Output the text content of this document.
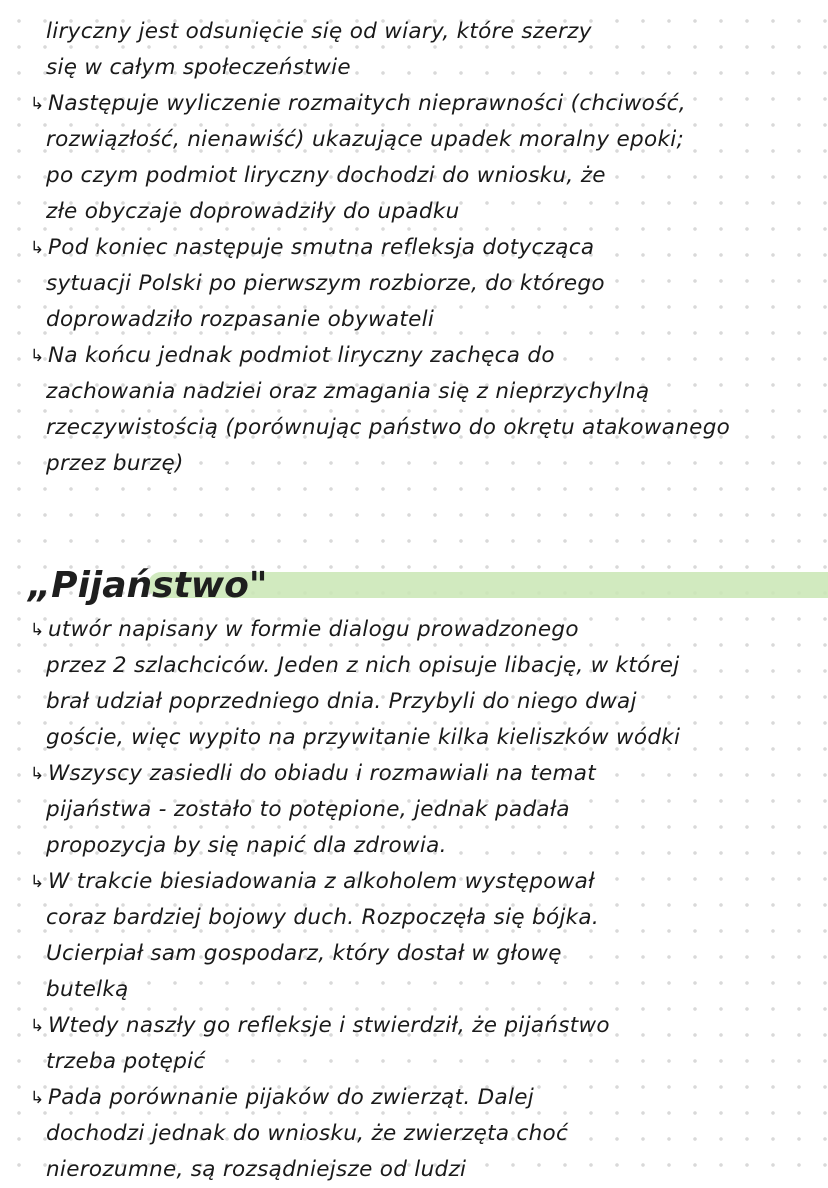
liryczny jest odsunięcie się od wiary, które szerzy
się w całym społeczeństwie
↳ Następuje wyliczenie rozmaitych nieprawności (chciwość,
rozwiązłość, nienawiść) ukazujące upadek moralny epoki;
po czym podmiot liryczny dochodzi do wniosku, że
złe obyczaje doprowadziły do upadku
↳ Pod koniec następuje smutna refleksja dotycząca
sytuacji Polski po pierwszym rozbiorze, do którego
doprowadziło rozpasanie obywateli
↳ Na końcu jednak podmiot liryczny zachęca do
zachowania nadziei oraz zmagania się z nieprzychylną
rzeczywistością (porównując państwo do okrętu atakowanego
przez burzę)
„Pijaństwo"
↳ utwór napisany w formie dialogu prowadzonego
przez 2 szlachciców. Jeden z nich opisuje libację, w której
brał udział poprzedniego dnia. Przybyli do niego dwaj
goście, więc wypito na przywitanie kilka kieliszków wódki
↳ Wszyscy zasiedli do obiadu i rozmawiali na temat
pijaństwa - zostało to potępione, jednak padała
propozycja by się napić dla zdrowia.
↳ W trakcie biesiadowania z alkoholem występował
coraz bardziej bojowy duch. Rozpoczęła się bójka.
Ucierpiał sam gospodarz, który dostał w głowę
butelką
↳ Wtedy naszły go refleksje i stwierdził, że pijaństwo
trzeba potępić
↳ Pada porównanie pijaków do zwierząt. Dalej
dochodzi jednak do wniosku, że zwierzęta choć
nierozumne, są rozsądniejsze od ludzi
